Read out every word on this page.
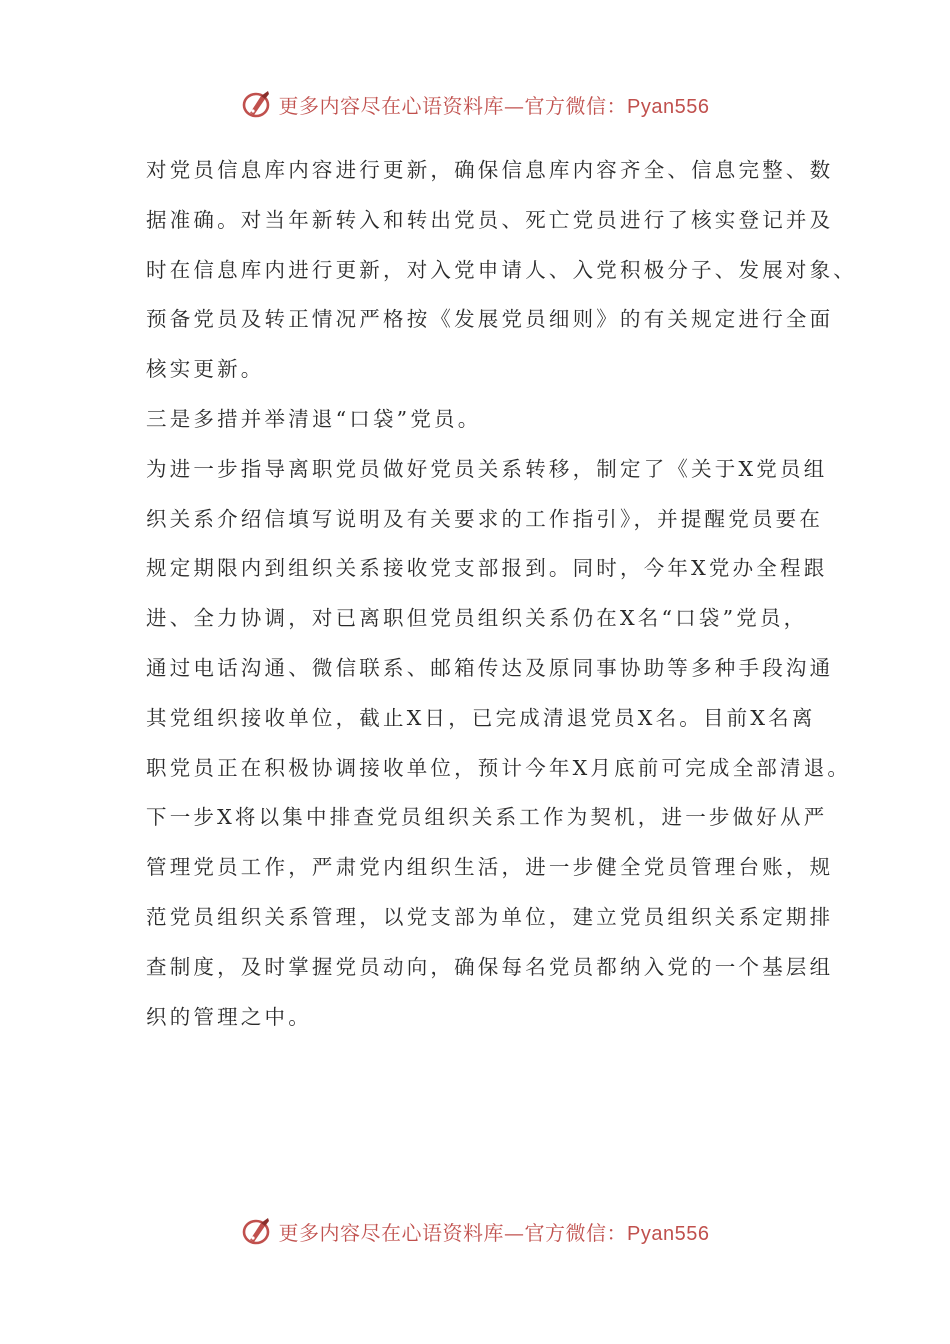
更多内容尽在心语资料库—官方微信：Pyan556
对党员信息库内容进行更新，确保信息库内容齐全、信息完整、数
据准确。对当年新转入和转出党员、死亡党员进行了核实登记并及
时在信息库内进行更新，对入党申请人、入党积极分子、发展对象、
预备党员及转正情况严格按《发展党员细则》的有关规定进行全面
核实更新。
三是多措并举清退“口袋”党员。
为进一步指导离职党员做好党员关系转移，制定了《关于X党员组
织关系介绍信填写说明及有关要求的工作指引》，并提醒党员要在
规定期限内到组织关系接收党支部报到。同时，今年X党办全程跟
进、全力协调，对已离职但党员组织关系仍在X名“口袋”党员，
通过电话沟通、微信联系、邮箱传达及原同事协助等多种手段沟通
其党组织接收单位，截止X日，已完成清退党员X名。目前X名离
职党员正在积极协调接收单位，预计今年X月底前可完成全部清退。
下一步X将以集中排查党员组织关系工作为契机，进一步做好从严
管理党员工作，严肃党内组织生活，进一步健全党员管理台账，规
范党员组织关系管理，以党支部为单位，建立党员组织关系定期排
查制度，及时掌握党员动向，确保每名党员都纳入党的一个基层组
织的管理之中。
更多内容尽在心语资料库—官方微信：Pyan556
